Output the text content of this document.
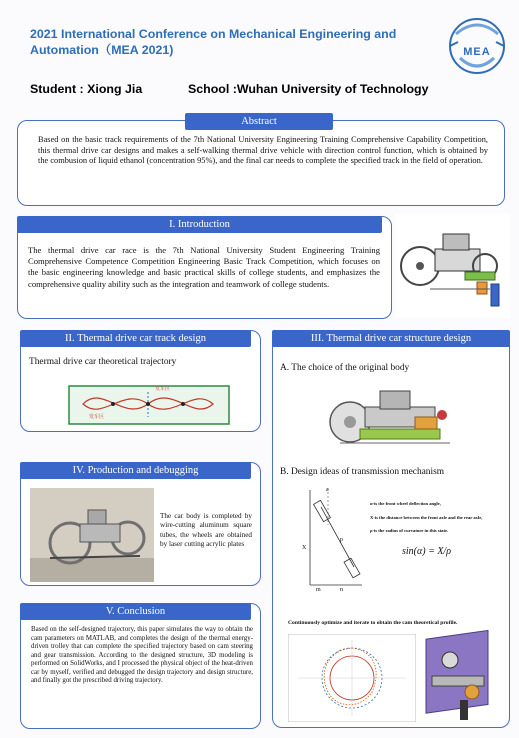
2021 International Conference on Mechanical Engineering and Automation（MEA 2021)	MEA
Student : Xiong Jia	School :Wuhan University of Technology
Abstract
Based on the basic track requirements of the 7th National University Engineering Training Comprehensive Capability Competition, this thermal drive car designs and makes a self-walking thermal drive vehicle with direction control function, which is obtained by the combusion of liquid ethanol (concentration 95%), and the final car needs to complete the specified track in the field of operation.
I. Introduction
The thermal drive car race is the 7th National University Student Engineering Training Comprehensive Competence Competition Engineering Basic Track Competition, which focuses on the basic engineering knowledge and basic practical skills of college students, and emphasizes the comprehensive quality ability such as the integration and teamwork of college students.
II. Thermal drive car track design
Thermal drive car theoretical trajectory
发车区
发车区
IV. Production and debugging
The car body is completed by wire-cutting aluminum square tubes, the wheels are obtained by laser cutting acrylic plates
V. Conclusion
Based on the self-designed trajectory, this paper simulates the way to obtain the cam parameters on MATLAB, and completes the design of the thermal energy-driven trolley that can complete the specified trajectory based on cam steering and gear transmission. According to the designed structure, 3D modeling is performed on SolidWorks, and I processed the physical object of the heat-driven car by myself, verified and debugged the design trajectory and design structure, and finally got the prescribed driving trajectory.
III. Thermal drive car structure design
A. The choice of the original body
B. Design ideas of transmission mechanism
a
X
p
m	n
α-is the front wheel deflection angle,
X-is the distance between the front axle and the rear axle,
ρ-is the radius of curvature in this state.
sin(α) = X/ρ
Continuously optimize and iterate to obtain the cam theoretical profile.
